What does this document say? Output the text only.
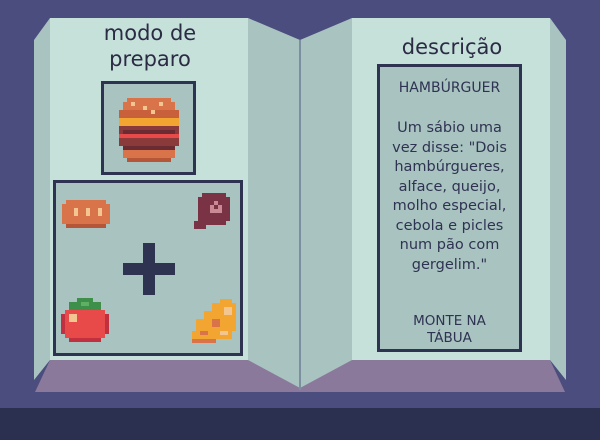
modo de
preparo	descrição
HAMBÚRGUER
Um sábio uma vez disse: "Dois hambúrgueres, alface, queijo, molho especial, cebola e picles num pão com gergelim."
MONTE NA
TÁBUA
